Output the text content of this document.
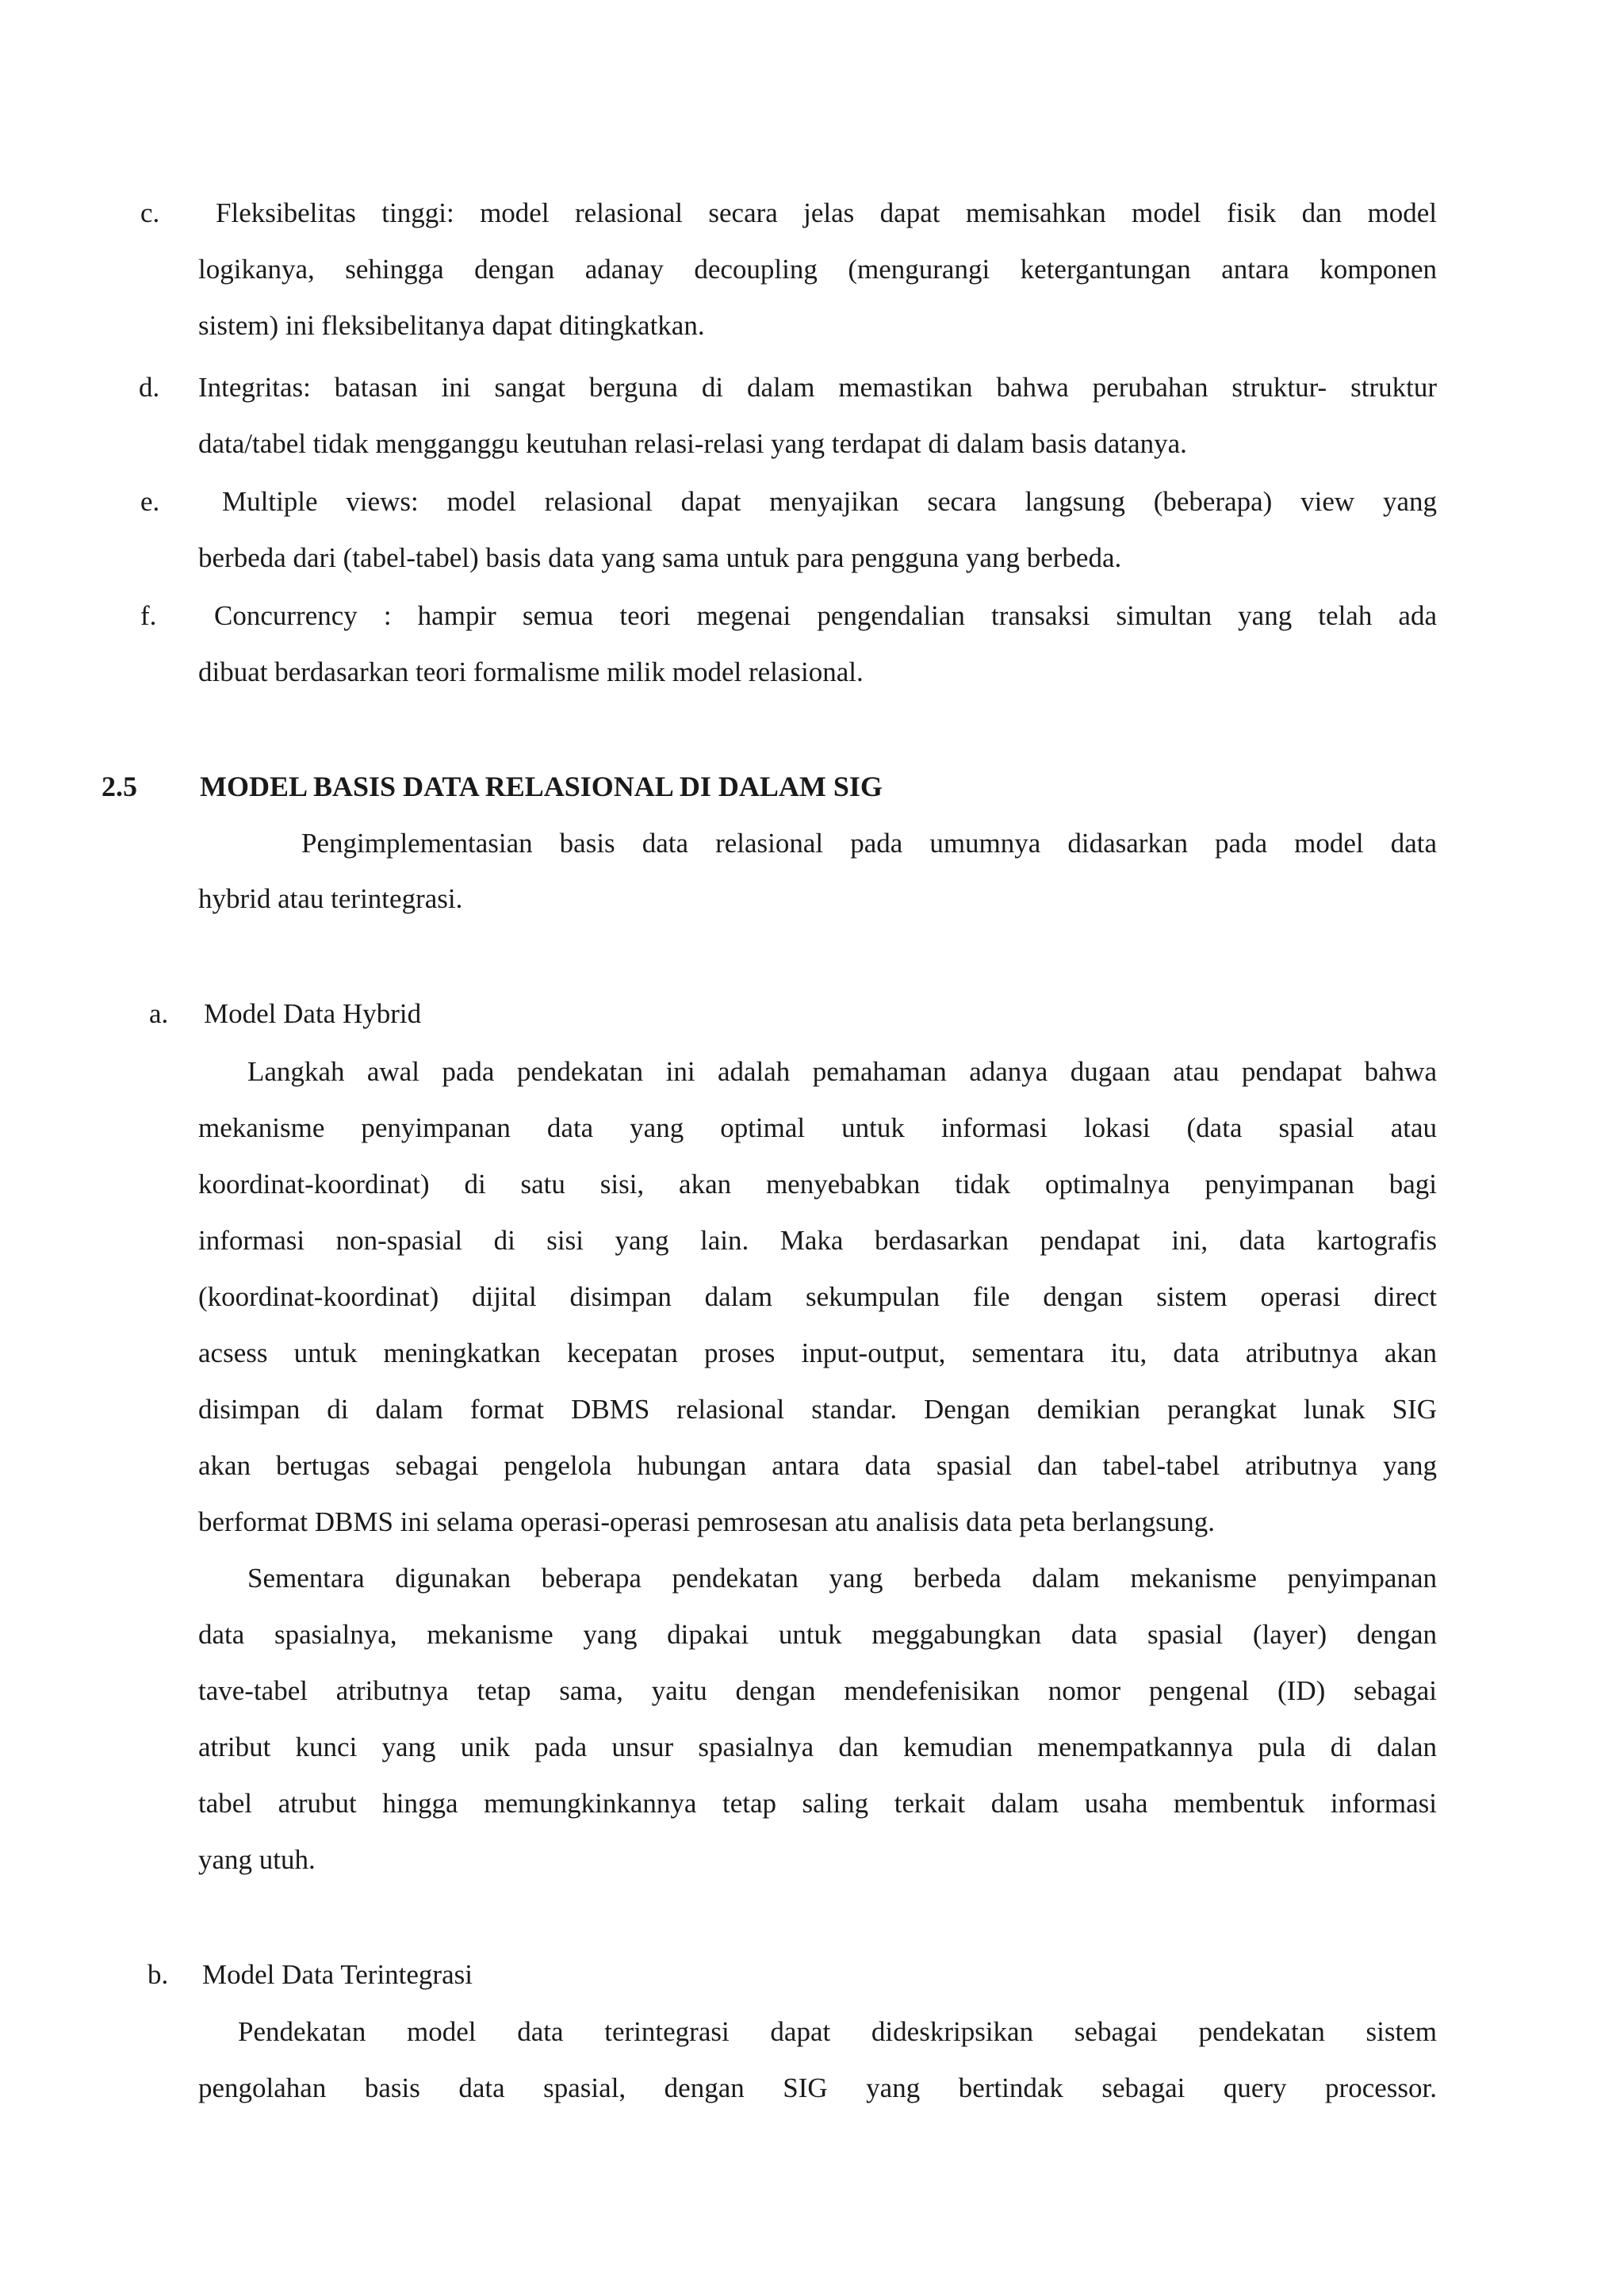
c. Fleksibelitas tinggi: model relasional secara jelas dapat memisahkan model fisik dan model
logikanya, sehingga dengan adanay decoupling (mengurangi ketergantungan antara komponen
sistem) ini fleksibelitanya dapat ditingkatkan.
d. Integritas: batasan ini sangat berguna di dalam memastikan bahwa perubahan struktur- struktur
data/tabel tidak mengganggu keutuhan relasi-relasi yang terdapat di dalam basis datanya.
e. Multiple views: model relasional dapat menyajikan secara langsung (beberapa) view yang
berbeda dari (tabel-tabel) basis data yang sama untuk para pengguna yang berbeda.
f. Concurrency : hampir semua teori megenai pengendalian transaksi simultan yang telah ada
dibuat berdasarkan teori formalisme milik model relasional.
2.5 MODEL BASIS DATA RELASIONAL DI DALAM SIG
Pengimplementasian basis data relasional pada umumnya didasarkan pada model data
hybrid atau terintegrasi.
a. Model Data Hybrid
Langkah awal pada pendekatan ini adalah pemahaman adanya dugaan atau pendapat bahwa
mekanisme penyimpanan data yang optimal untuk informasi lokasi (data spasial atau
koordinat-koordinat) di satu sisi, akan menyebabkan tidak optimalnya penyimpanan bagi
informasi non-spasial di sisi yang lain. Maka berdasarkan pendapat ini, data kartografis
(koordinat-koordinat) dijital disimpan dalam sekumpulan file dengan sistem operasi direct
acsess untuk meningkatkan kecepatan proses input-output, sementara itu, data atributnya akan
disimpan di dalam format DBMS relasional standar. Dengan demikian perangkat lunak SIG
akan bertugas sebagai pengelola hubungan antara data spasial dan tabel-tabel atributnya yang
berformat DBMS ini selama operasi-operasi pemrosesan atu analisis data peta berlangsung.
Sementara digunakan beberapa pendekatan yang berbeda dalam mekanisme penyimpanan
data spasialnya, mekanisme yang dipakai untuk meggabungkan data spasial (layer) dengan
tave-tabel atributnya tetap sama, yaitu dengan mendefenisikan nomor pengenal (ID) sebagai
atribut kunci yang unik pada unsur spasialnya dan kemudian menempatkannya pula di dalan
tabel atrubut hingga memungkinkannya tetap saling terkait dalam usaha membentuk informasi
yang utuh.
b. Model Data Terintegrasi
Pendekatan model data terintegrasi dapat dideskripsikan sebagai pendekatan sistem
pengolahan basis data spasial, dengan SIG yang bertindak sebagai query processor.
